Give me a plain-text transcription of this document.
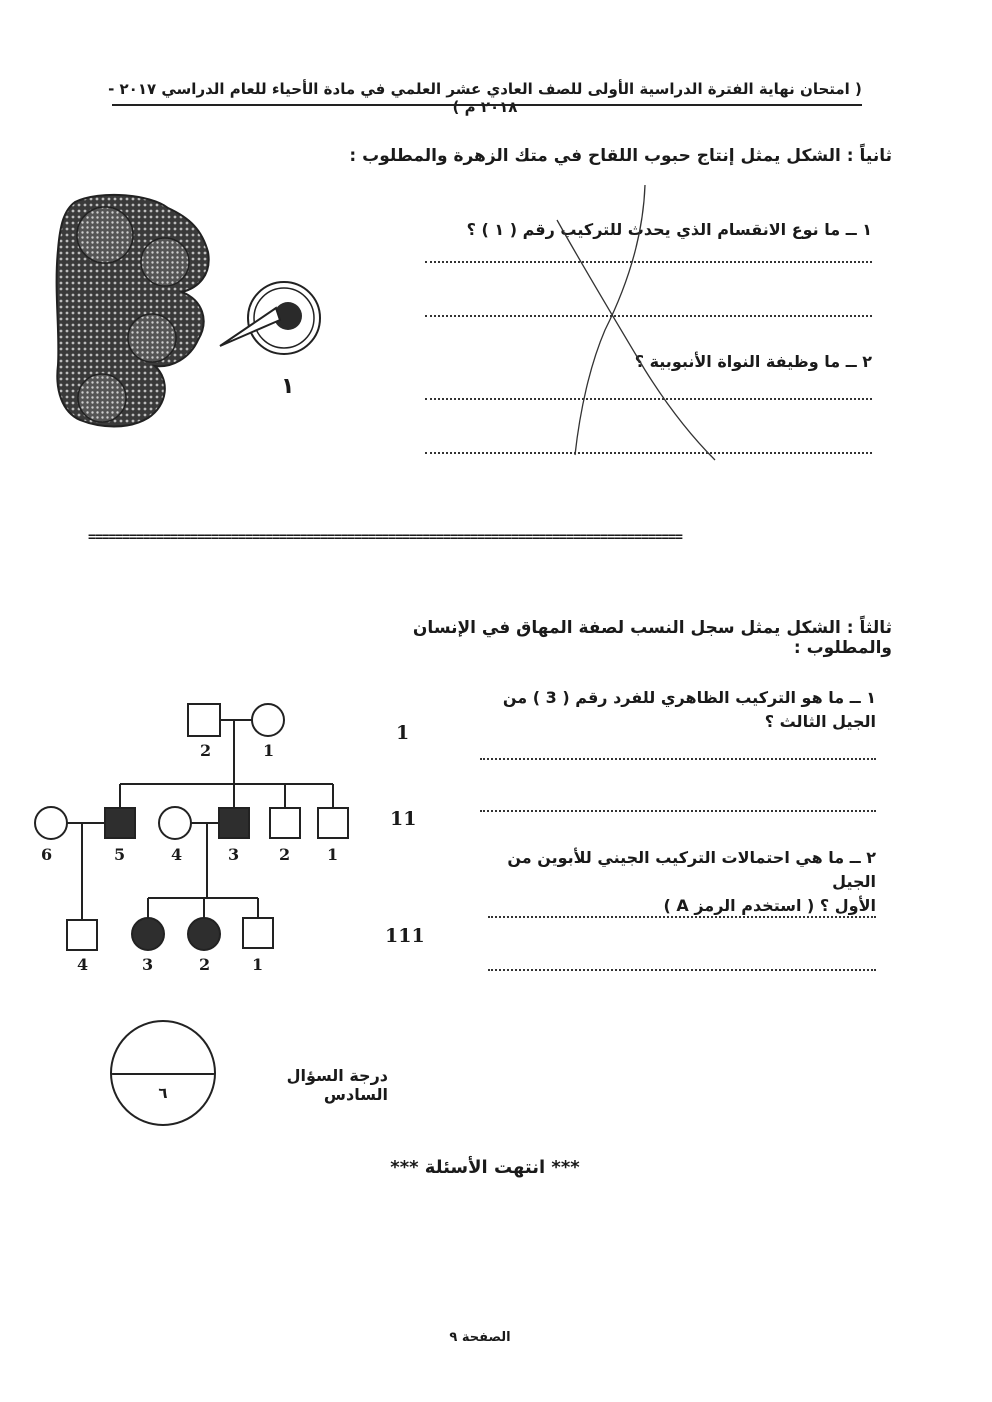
( امتحان نهاية الفترة الدراسية الأولى للصف العادي عشر العلمي في مادة الأحياء للعام الدراسي ٢٠١٧ - ٢٠١٨ م )
ثانياً : الشكل يمثل إنتاج حبوب اللقاح في متك الزهرة والمطلوب :
١
١ ــ ما نوع الانقسام الذي يحدث للتركيب رقم ( ١ ) ؟
٢ ــ ما وظيفة النواة الأنبوبية ؟
=======================================================================================
ثالثاً : الشكل يمثل سجل النسب لصفة المهاق في الإنسان والمطلوب :
2	1
6	5	4	3 2 1
4	3	2	1
1
11
111
١ ــ ما هو التركيب الظاهري للفرد رقم ( 3 ) من
الجيل الثالث ؟
٢ ــ ما هي احتمالات التركيب الجيني للأبوين من الجيل
الأول ؟ ( استخدم الرمز A )
٦
درجة السؤال السادس
*** انتهت الأسئلة ***
الصفحة ٩
